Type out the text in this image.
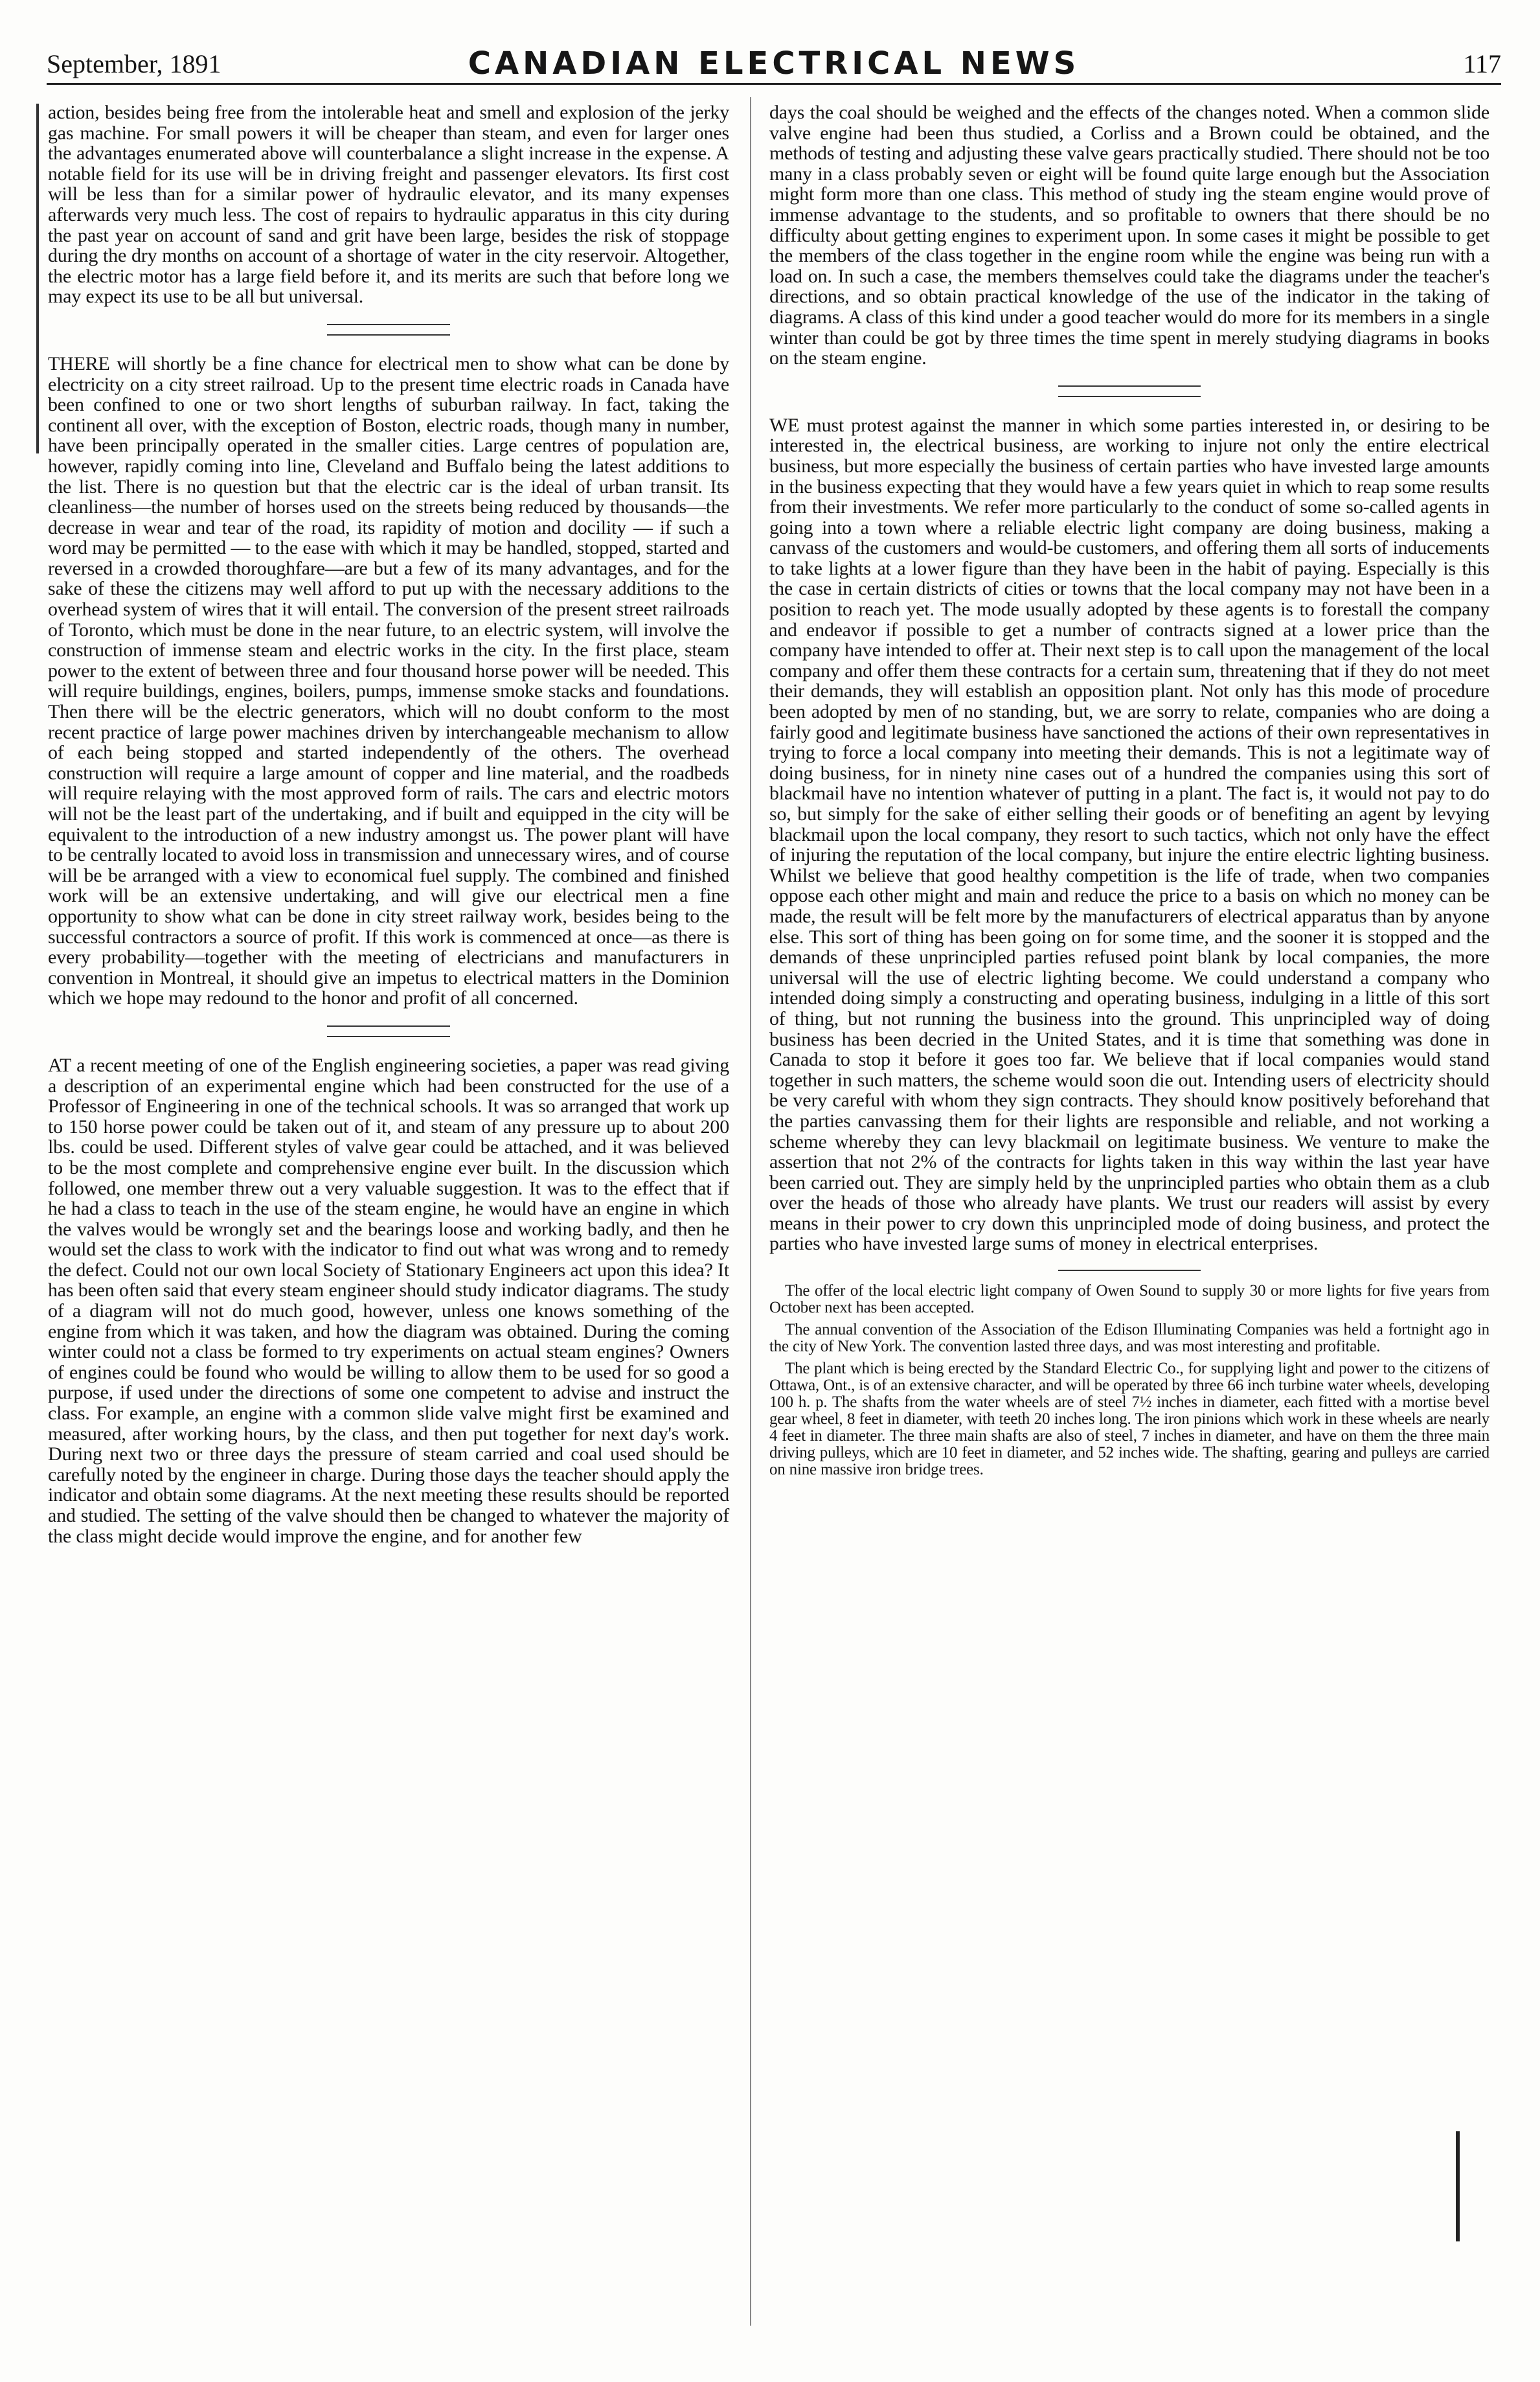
September, 1891	CANADIAN ELECTRICAL NEWS	117

action, besides being free from the intolerable heat and smell and explosion of the jerky gas machine. For small powers it will be cheaper than steam, and even for larger ones the advantages enumerated above will counterbalance a slight increase in the expense. A notable field for its use will be in driving freight and passenger elevators. Its first cost will be less than for a similar power of hydraulic elevator, and its many expenses afterwards very much less. The cost of repairs to hydraulic apparatus in this city during the past year on account of sand and grit have been large, besides the risk of stoppage during the dry months on account of a shortage of water in the city reservoir. Altogether, the electric motor has a large field before it, and its merits are such that before long we may expect its use to be all but universal.

THERE will shortly be a fine chance for electrical men to show what can be done by electricity on a city street railroad. Up to the present time electric roads in Canada have been confined to one or two short lengths of suburban railway. In fact, taking the continent all over, with the exception of Boston, electric roads, though many in number, have been principally operated in the smaller cities. Large centres of population are, however, rapidly coming into line, Cleveland and Buffalo being the latest additions to the list. There is no question but that the electric car is the ideal of urban transit. Its cleanliness—the number of horses used on the streets being reduced by thousands—the decrease in wear and tear of the road, its rapidity of motion and docility — if such a word may be permitted — to the ease with which it may be handled, stopped, started and reversed in a crowded thoroughfare—are but a few of its many advantages, and for the sake of these the citizens may well afford to put up with the necessary additions to the overhead system of wires that it will entail. The conversion of the present street railroads of Toronto, which must be done in the near future, to an electric system, will involve the construction of immense steam and electric works in the city. In the first place, steam power to the extent of between three and four thousand horse power will be needed. This will require buildings, engines, boilers, pumps, immense smoke stacks and foundations. Then there will be the electric generators, which will no doubt conform to the most recent practice of large power machines driven by interchangeable mechanism to allow of each being stopped and started independently of the others. The overhead construction will require a large amount of copper and line material, and the roadbeds will require relaying with the most approved form of rails. The cars and electric motors will not be the least part of the undertaking, and if built and equipped in the city will be equivalent to the introduction of a new industry amongst us. The power plant will have to be centrally located to avoid loss in transmission and unnecessary wires, and of course will be be arranged with a view to economical fuel supply. The combined and finished work will be an extensive undertaking, and will give our electrical men a fine opportunity to show what can be done in city street railway work, besides being to the successful contractors a source of profit. If this work is commenced at once—as there is every probability—together with the meeting of electricians and manufacturers in convention in Montreal, it should give an impetus to electrical matters in the Dominion which we hope may redound to the honor and profit of all concerned.

AT a recent meeting of one of the English engineering societies, a paper was read giving a description of an experimental engine which had been constructed for the use of a Professor of Engineering in one of the technical schools. It was so arranged that work up to 150 horse power could be taken out of it, and steam of any pressure up to about 200 lbs. could be used. Different styles of valve gear could be attached, and it was believed to be the most complete and comprehensive engine ever built. In the discussion which followed, one member threw out a very valuable suggestion. It was to the effect that if he had a class to teach in the use of the steam engine, he would have an engine in which the valves would be wrongly set and the bearings loose and working badly, and then he would set the class to work with the indicator to find out what was wrong and to remedy the defect. Could not our own local Society of Stationary Engineers act upon this idea? It has been often said that every steam engineer should study indicator diagrams. The study of a diagram will not do much good, however, unless one knows something of the engine from which it was taken, and how the diagram was obtained. During the coming winter could not a class be formed to try experiments on actual steam engines? Owners of engines could be found who would be willing to allow them to be used for so good a purpose, if used under the directions of some one competent to advise and instruct the class. For example, an engine with a common slide valve might first be examined and measured, after working hours, by the class, and then put together for next day's work. During next two or three days the pressure of steam carried and coal used should be carefully noted by the engineer in charge. During those days the teacher should apply the indicator and obtain some diagrams. At the next meeting these results should be reported and studied. The setting of the valve should then be changed to whatever the majority of the class might decide would improve the engine, and for another few

days the coal should be weighed and the effects of the changes noted. When a common slide valve engine had been thus studied, a Corliss and a Brown could be obtained, and the methods of testing and adjusting these valve gears practically studied. There should not be too many in a class probably seven or eight will be found quite large enough but the Association might form more than one class. This method of study ing the steam engine would prove of immense advantage to the students, and so profitable to owners that there should be no difficulty about getting engines to experiment upon. In some cases it might be possible to get the members of the class together in the engine room while the engine was being run with a load on. In such a case, the members themselves could take the diagrams under the teacher's directions, and so obtain practical knowledge of the use of the indicator in the taking of diagrams. A class of this kind under a good teacher would do more for its members in a single winter than could be got by three times the time spent in merely studying diagrams in books on the steam engine.

WE must protest against the manner in which some parties interested in, or desiring to be interested in, the electrical business, are working to injure not only the entire electrical business, but more especially the business of certain parties who have invested large amounts in the business expecting that they would have a few years quiet in which to reap some results from their investments. We refer more particularly to the conduct of some so-called agents in going into a town where a reliable electric light company are doing business, making a canvass of the customers and would-be customers, and offering them all sorts of inducements to take lights at a lower figure than they have been in the habit of paying. Especially is this the case in certain districts of cities or towns that the local company may not have been in a position to reach yet. The mode usually adopted by these agents is to forestall the company and endeavor if possible to get a number of contracts signed at a lower price than the company have intended to offer at. Their next step is to call upon the management of the local company and offer them these contracts for a certain sum, threatening that if they do not meet their demands, they will establish an opposition plant. Not only has this mode of procedure been adopted by men of no standing, but, we are sorry to relate, companies who are doing a fairly good and legitimate business have sanctioned the actions of their own representatives in trying to force a local company into meeting their demands. This is not a legitimate way of doing business, for in ninety nine cases out of a hundred the companies using this sort of blackmail have no intention whatever of putting in a plant. The fact is, it would not pay to do so, but simply for the sake of either selling their goods or of benefiting an agent by levying blackmail upon the local company, they resort to such tactics, which not only have the effect of injuring the reputation of the local company, but injure the entire electric lighting business. Whilst we believe that good healthy competition is the life of trade, when two companies oppose each other might and main and reduce the price to a basis on which no money can be made, the result will be felt more by the manufacturers of electrical apparatus than by anyone else. This sort of thing has been going on for some time, and the sooner it is stopped and the demands of these unprincipled parties refused point blank by local companies, the more universal will the use of electric lighting become. We could understand a company who intended doing simply a constructing and operating business, indulging in a little of this sort of thing, but not running the business into the ground. This unprincipled way of doing business has been decried in the United States, and it is time that something was done in Canada to stop it before it goes too far. We believe that if local companies would stand together in such matters, the scheme would soon die out. Intending users of electricity should be very careful with whom they sign contracts. They should know positively beforehand that the parties canvassing them for their lights are responsible and reliable, and not working a scheme whereby they can levy blackmail on legitimate business. We venture to make the assertion that not 2% of the contracts for lights taken in this way within the last year have been carried out. They are simply held by the unprincipled parties who obtain them as a club over the heads of those who already have plants. We trust our readers will assist by every means in their power to cry down this unprincipled mode of doing business, and protect the parties who have invested large sums of money in electrical enterprises.

The offer of the local electric light company of Owen Sound to supply 30 or more lights for five years from October next has been accepted.

The annual convention of the Association of the Edison Illuminating Companies was held a fortnight ago in the city of New York. The convention lasted three days, and was most interesting and profitable.

The plant which is being erected by the Standard Electric Co., for supplying light and power to the citizens of Ottawa, Ont., is of an extensive character, and will be operated by three 66 inch turbine water wheels, developing 100 h. p. The shafts from the water wheels are of steel 7½ inches in diameter, each fitted with a mortise bevel gear wheel, 8 feet in diameter, with teeth 20 inches long. The iron pinions which work in these wheels are nearly 4 feet in diameter. The three main shafts are also of steel, 7 inches in diameter, and have on them the three main driving pulleys, which are 10 feet in diameter, and 52 inches wide. The shafting, gearing and pulleys are carried on nine massive iron bridge trees.
